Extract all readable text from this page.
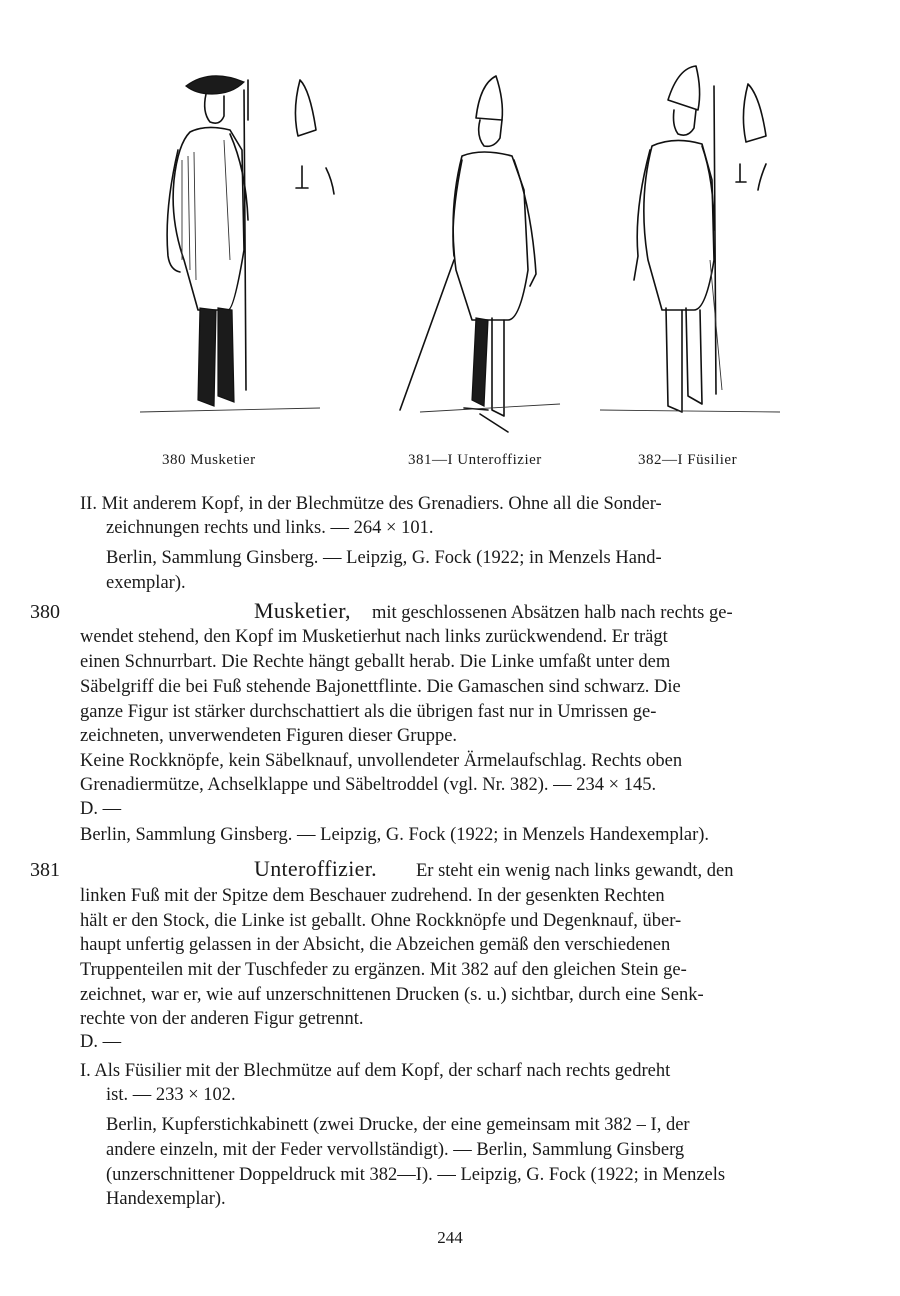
380 Musketier	381—I Unteroffizier	382—I Füsilier
II. Mit anderem Kopf, in der Blechmütze des Grenadiers. Ohne all die Sonder-
zeichnungen rechts und links. — 264 × 101.
Berlin, Sammlung Ginsberg. — Leipzig, G. Fock (1922; in Menzels Hand-
exemplar).
380	Musketier, mit geschlossenen Absätzen halb nach rechts ge-
wendet stehend, den Kopf im Musketierhut nach links zurückwendend. Er trägt
einen Schnurrbart. Die Rechte hängt geballt herab. Die Linke umfaßt unter dem
Säbelgriff die bei Fuß stehende Bajonettflinte. Die Gamaschen sind schwarz. Die
ganze Figur ist stärker durchschattiert als die übrigen fast nur in Umrissen ge-
zeichneten, unverwendeten Figuren dieser Gruppe.
Keine Rockknöpfe, kein Säbelknauf, unvollendeter Ärmelaufschlag. Rechts oben
Grenadiermütze, Achselklappe und Säbeltroddel (vgl. Nr. 382). — 234 × 145.
D. —
Berlin, Sammlung Ginsberg. — Leipzig, G. Fock (1922; in Menzels Handexemplar).
381	Unteroffizier. Er steht ein wenig nach links gewandt, den
linken Fuß mit der Spitze dem Beschauer zudrehend. In der gesenkten Rechten
hält er den Stock, die Linke ist geballt. Ohne Rockknöpfe und Degenknauf, über-
haupt unfertig gelassen in der Absicht, die Abzeichen gemäß den verschiedenen
Truppenteilen mit der Tuschfeder zu ergänzen. Mit 382 auf den gleichen Stein ge-
zeichnet, war er, wie auf unzerschnittenen Drucken (s. u.) sichtbar, durch eine Senk-
rechte von der anderen Figur getrennt.
D. —
I. Als Füsilier mit der Blechmütze auf dem Kopf, der scharf nach rechts gedreht
ist. — 233 × 102.
Berlin, Kupferstichkabinett (zwei Drucke, der eine gemeinsam mit 382 – I, der
andere einzeln, mit der Feder vervollständigt). — Berlin, Sammlung Ginsberg
(unzerschnittener Doppeldruck mit 382—I). — Leipzig, G. Fock (1922; in Menzels
Handexemplar).
244
